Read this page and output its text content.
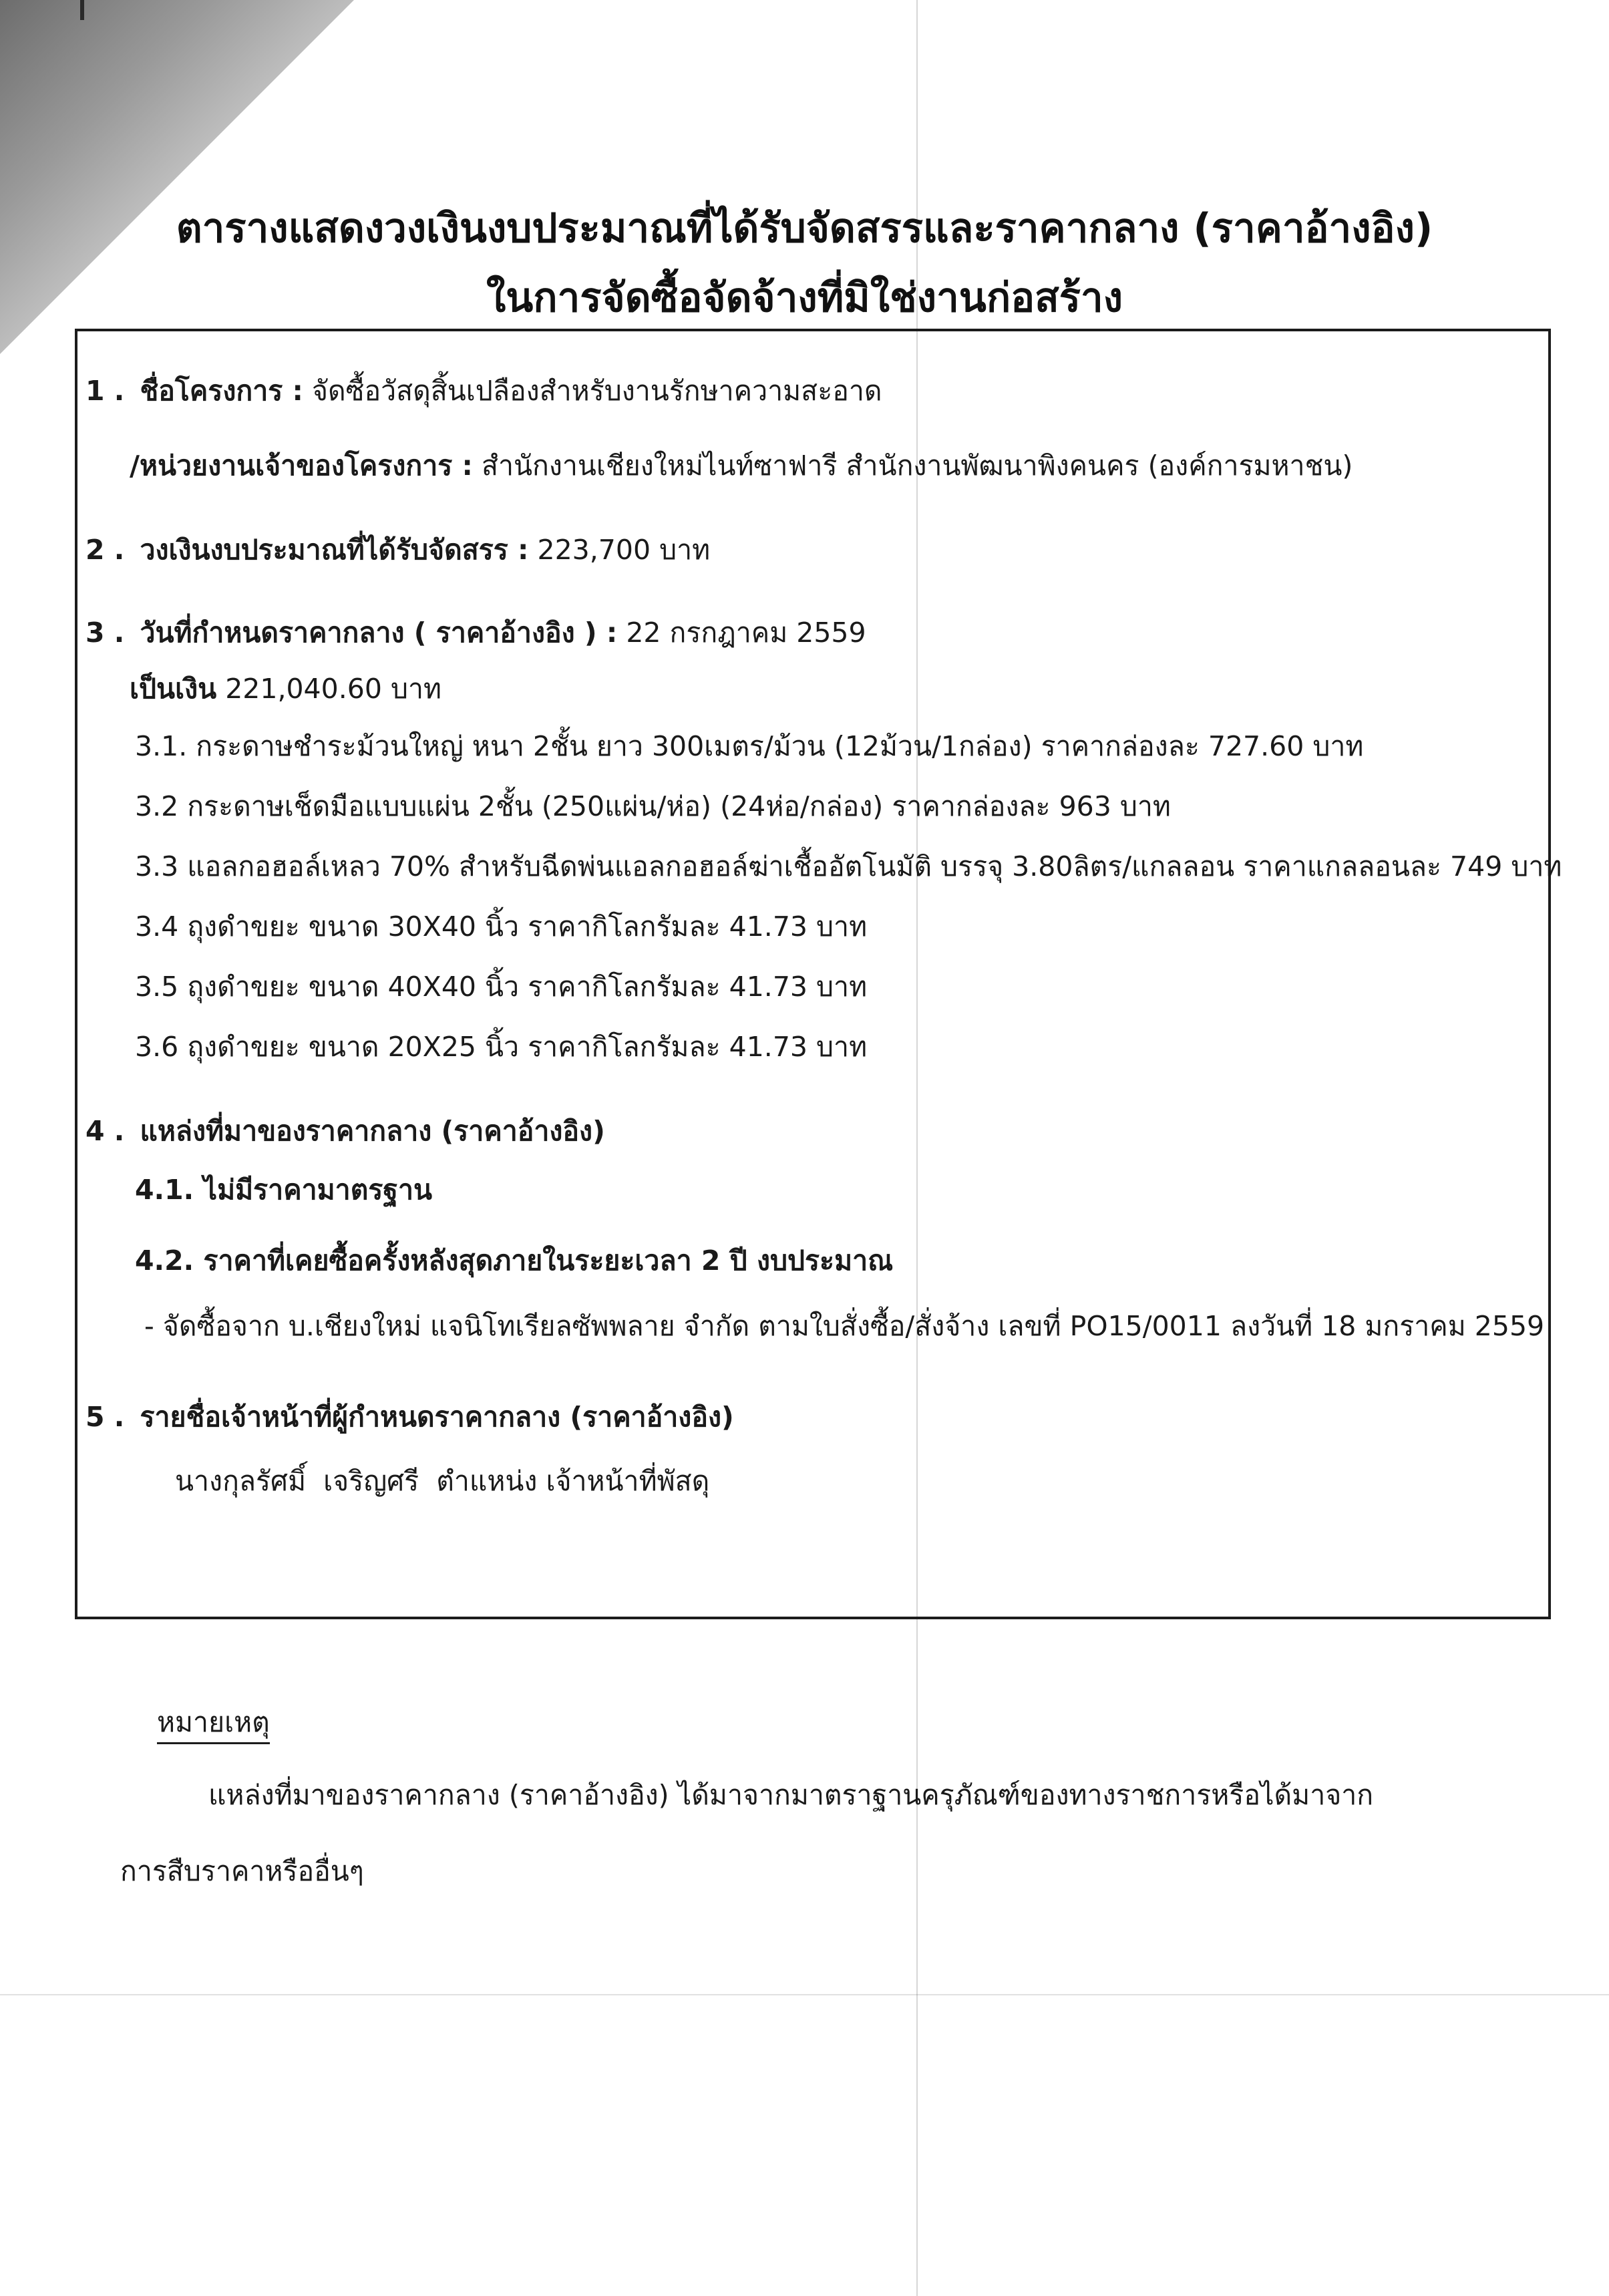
ตารางแสดงวงเงินงบประมาณที่ได้รับจัดสรรและราคากลาง (ราคาอ้างอิง)
ในการจัดซื้อจัดจ้างที่มิใช่งานก่อสร้าง
1 . ชื่อโครงการ : จัดซื้อวัสดุสิ้นเปลืองสำหรับงานรักษาความสะอาด
/หน่วยงานเจ้าของโครงการ : สำนักงานเชียงใหม่ไนท์ซาฟารี สำนักงานพัฒนาพิงคนคร (องค์การมหาชน)
2 . วงเงินงบประมาณที่ได้รับจัดสรร : 223,700 บาท
3 . วันที่กำหนดราคากลาง ( ราคาอ้างอิง ) : 22 กรกฎาคม 2559
เป็นเงิน 221,040.60 บาท
3.1. กระดาษชำระม้วนใหญ่ หนา 2ชั้น ยาว 300เมตร/ม้วน (12ม้วน/1กล่อง) ราคากล่องละ 727.60 บาท
3.2 กระดาษเช็ดมือแบบแผ่น 2ชั้น (250แผ่น/ห่อ) (24ห่อ/กล่อง) ราคากล่องละ 963 บาท
3.3 แอลกอฮอล์เหลว 70% สำหรับฉีดพ่นแอลกอฮอล์ฆ่าเชื้ออัตโนมัติ บรรจุ 3.80ลิตร/แกลลอน ราคาแกลลอนละ 749 บาท
3.4 ถุงดำขยะ ขนาด 30X40 นิ้ว ราคากิโลกรัมละ 41.73 บาท
3.5 ถุงดำขยะ ขนาด 40X40 นิ้ว ราคากิโลกรัมละ 41.73 บาท
3.6 ถุงดำขยะ ขนาด 20X25 นิ้ว ราคากิโลกรัมละ 41.73 บาท
4 . แหล่งที่มาของราคากลาง (ราคาอ้างอิง)
4.1. ไม่มีราคามาตรฐาน
4.2. ราคาที่เคยซื้อครั้งหลังสุดภายในระยะเวลา 2 ปี งบประมาณ
- จัดซื้อจาก บ.เชียงใหม่ แจนิโทเรียลซัพพลาย จำกัด ตามใบสั่งซื้อ/สั่งจ้าง เลขที่ PO15/0011 ลงวันที่ 18 มกราคม 2559
5 . รายชื่อเจ้าหน้าที่ผู้กำหนดราคากลาง (ราคาอ้างอิง)
นางกุลรัศมิ์  เจริญศรี  ตำแหน่ง เจ้าหน้าที่พัสดุ
หมายเหตุ
แหล่งที่มาของราคากลาง (ราคาอ้างอิง) ได้มาจากมาตราฐานครุภัณฑ์ของทางราชการหรือได้มาจาก
การสืบราคาหรืออื่นๆ
